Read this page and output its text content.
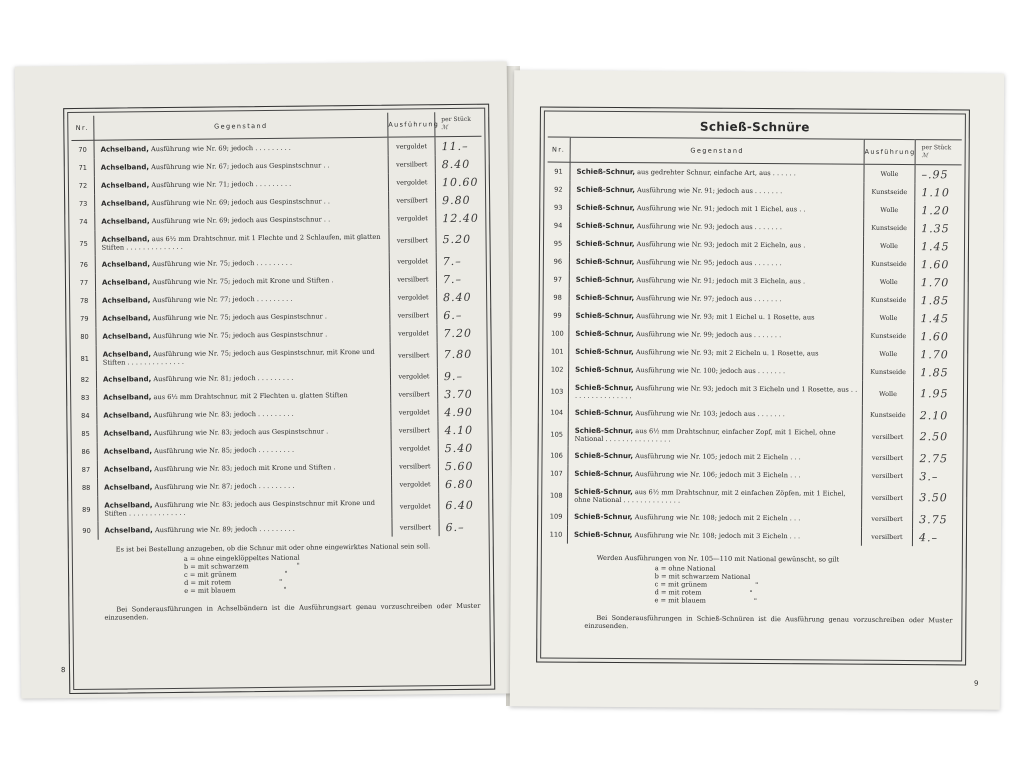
Nr.	Gegenstand	Ausführung	per Stück
ℳ

70	Achselband, Ausführung wie Nr. 69; jedoch . . . . . . . . .	vergoldet	11.–
71	Achselband, Ausführung wie Nr. 67; jedoch aus Gespinstschnur . .	versilbert	8.40
72	Achselband, Ausführung wie Nr. 71; jedoch . . . . . . . . .	vergoldet	10.60
73	Achselband, Ausführung wie Nr. 69; jedoch aus Gespinstschnur . .	versilbert	9.80
74	Achselband, Ausführung wie Nr. 69; jedoch aus Gespinstschnur . .	vergoldet	12.40
75	Achselband, aus 6½ mm Drahtschnur, mit 1 Flechte und 2 Schlaufen, mit glatten Stiften . . . . . . . . . . . . . .	versilbert	5.20
76	Achselband, Ausführung wie Nr. 75; jedoch . . . . . . . . .	vergoldet	7.–
77	Achselband, Ausführung wie Nr. 75; jedoch mit Krone und Stiften .	versilbert	7.–
78	Achselband, Ausführung wie Nr. 77; jedoch . . . . . . . . .	vergoldet	8.40
79	Achselband, Ausführung wie Nr. 75; jedoch aus Gespinstschnur .	versilbert	6.–
80	Achselband, Ausführung wie Nr. 75; jedoch aus Gespinstschnur .	vergoldet	7.20
81	Achselband, Ausführung wie Nr. 75; jedoch aus Gespinstschnur, mit Krone und Stiften . . . . . . . . . . . . . .	versilbert	7.80
82	Achselband, Ausführung wie Nr. 81; jedoch . . . . . . . . .	vergoldet	9.–
83	Achselband, aus 6½ mm Drahtschnur, mit 2 Flechten u. glatten Stiften	versilbert	3.70
84	Achselband, Ausführung wie Nr. 83; jedoch . . . . . . . . .	vergoldet	4.90
85	Achselband, Ausführung wie Nr. 83; jedoch aus Gespinstschnur .	versilbert	4.10
86	Achselband, Ausführung wie Nr. 85; jedoch . . . . . . . . .	vergoldet	5.40
87	Achselband, Ausführung wie Nr. 83; jedoch mit Krone und Stiften .	versilbert	5.60
88	Achselband, Ausführung wie Nr. 87; jedoch . . . . . . . . .	vergoldet	6.80
89	Achselband, Ausführung wie Nr. 83; jedoch aus Gespinstschnur mit Krone und Stiften . . . . . . . . . . . . . .	vergoldet	6.40
90	Achselband, Ausführung wie Nr. 89; jedoch . . . . . . . . .	versilbert	6.–

Es ist bei Bestellung anzugeben, ob die Schnur mit oder ohne eingewirktes National sein soll.

a = ohne eingeklöppeltes National
b = mit schwarzem	"
c = mit grünem	"
d = mit rotem	"
e = mit blauem	"

Bei Sonderausführungen in Achselbändern ist die Ausführungsart genau vorzuschreiben oder Muster einzusenden.

8
Schieß-Schnüre
Nr.	Gegenstand	Ausführung	per Stück
ℳ

91	Schieß-Schnur, aus gedrehter Schnur, einfache Art, aus . . . . . .	Wolle	–.95
92	Schieß-Schnur, Ausführung wie Nr. 91; jedoch aus . . . . . . .	Kunstseide	1.10
93	Schieß-Schnur, Ausführung wie Nr. 91; jedoch mit 1 Eichel, aus . .	Wolle	1.20
94	Schieß-Schnur, Ausführung wie Nr. 93; jedoch aus . . . . . . .	Kunstseide	1.35
95	Schieß-Schnur, Ausführung wie Nr. 93; jedoch mit 2 Eicheln, aus .	Wolle	1.45
96	Schieß-Schnur, Ausführung wie Nr. 95; jedoch aus . . . . . . .	Kunstseide	1.60
97	Schieß-Schnur, Ausführung wie Nr. 91; jedoch mit 3 Eicheln, aus .	Wolle	1.70
98	Schieß-Schnur, Ausführung wie Nr. 97; jedoch aus . . . . . . .	Kunstseide	1.85
99	Schieß-Schnur, Ausführung wie Nr. 93; mit 1 Eichel u. 1 Rosette, aus	Wolle	1.45
100	Schieß-Schnur, Ausführung wie Nr. 99; jedoch aus . . . . . . .	Kunstseide	1.60
101	Schieß-Schnur, Ausführung wie Nr. 93; mit 2 Eicheln u. 1 Rosette, aus	Wolle	1.70
102	Schieß-Schnur, Ausführung wie Nr. 100; jedoch aus . . . . . . .	Kunstseide	1.85
103	Schieß-Schnur, Ausführung wie Nr. 93; jedoch mit 3 Eicheln und 1 Rosette, aus . . . . . . . . . . . . . . . .	Wolle	1.95
104	Schieß-Schnur, Ausführung wie Nr. 103; jedoch aus . . . . . . .	Kunstseide	2.10
105	Schieß-Schnur, aus 6½ mm Drahtschnur, einfacher Zopf, mit 1 Eichel, ohne National . . . . . . . . . . . . . . . .	versilbert	2.50
106	Schieß-Schnur, Ausführung wie Nr. 105; jedoch mit 2 Eicheln . . .	versilbert	2.75
107	Schieß-Schnur, Ausführung wie Nr. 106; jedoch mit 3 Eicheln . . .	versilbert	3.–
108	Schieß-Schnur, aus 6½ mm Drahtschnur, mit 2 einfachen Zöpfen, mit 1 Eichel, ohne National . . . . . . . . . . . . . .	versilbert	3.50
109	Schieß-Schnur, Ausführung wie Nr. 108; jedoch mit 2 Eicheln . . .	versilbert	3.75
110	Schieß-Schnur, Ausführung wie Nr. 108; jedoch mit 3 Eicheln . . .	versilbert	4.–

Werden Ausführungen von Nr. 105—110 mit National gewünscht, so gilt

a = ohne National
b = mit schwarzem National
c = mit grünem	"
d = mit rotem	"
e = mit blauem	"

Bei Sonderausführungen in Schieß-Schnüren ist die Ausführung genau vorzuschreiben oder Muster einzusenden.

9
